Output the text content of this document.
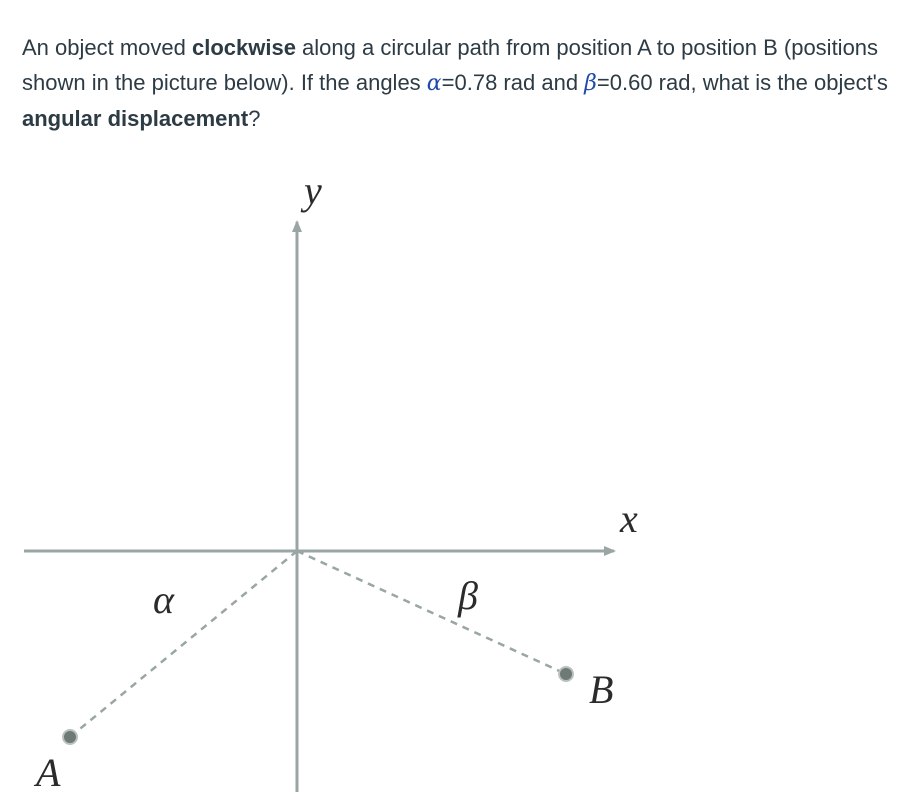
An object moved clockwise along a circular path from position A to position B (positions shown in the picture below). If the angles α=0.78 rad and β=0.60 rad, what is the object's angular displacement?
y
x
α	β
A
B
